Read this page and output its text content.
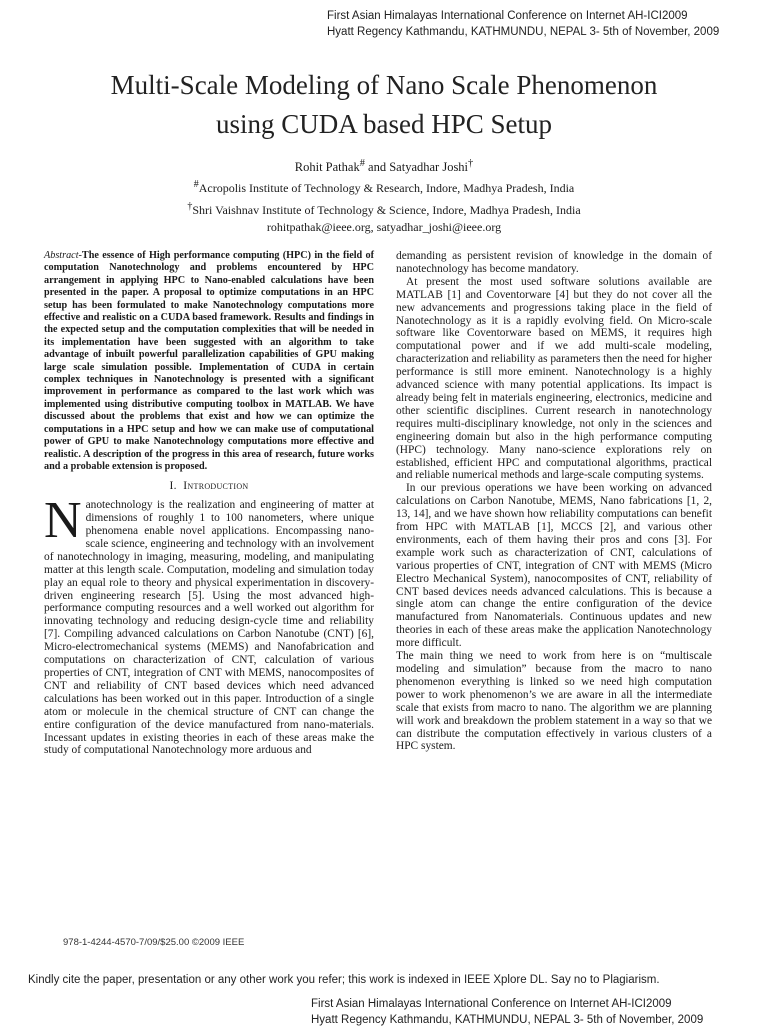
First Asian Himalayas International Conference on Internet AH-ICI2009
Hyatt Regency Kathmandu, KATHMUNDU, NEPAL 3- 5th of November, 2009
Multi-Scale Modeling of Nano Scale Phenomenon
using CUDA based HPC Setup
Rohit Pathak# and Satyadhar Joshi†
#Acropolis Institute of Technology & Research, Indore, Madhya Pradesh, India
†Shri Vaishnav Institute of Technology & Science, Indore, Madhya Pradesh, India
rohitpathak@ieee.org, satyadhar_joshi@ieee.org

Abstract-The essence of High performance computing (HPC) in the field of computation Nanotechnology and problems encountered by HPC arrangement in applying HPC to Nano-enabled calculations have been presented in the paper. A proposal to optimize computations in an HPC setup has been formulated to make Nanotechnology computations more effective and realistic on a CUDA based framework. Results and findings in the expected setup and the computation complexities that will be needed in its implementation have been suggested with an algorithm to take advantage of inbuilt powerful parallelization capabilities of GPU making large scale simulation possible. Implementation of CUDA in certain complex techniques in Nanotechnology is presented with a significant improvement in performance as compared to the last work which was implemented using distributive computing toolbox in MATLAB. We have discussed about the problems that exist and how we can optimize the computations in a HPC setup and how we can make use of computational power of GPU to make Nanotechnology computations more effective and realistic. A description of the progress in this area of research, future works and a probable extension is proposed.

I. Introduction

Nanotechnology is the realization and engineering of matter at dimensions of roughly 1 to 100 nanometers, where unique phenomena enable novel applications. Encompassing nano-scale science, engineering and technology with an involvement of nanotechnology in imaging, measuring, modeling, and manipulating matter at this length scale. Computation, modeling and simulation today play an equal role to theory and physical experimentation in discovery-driven engineering research [5]. Using the most advanced high-performance computing resources and a well worked out algorithm for innovating technology and reducing design-cycle time and reliability [7]. Compiling advanced calculations on Carbon Nanotube (CNT) [6], Micro-electromechanical systems (MEMS) and Nanofabrication and computations on characterization of CNT, calculation of various properties of CNT, integration of CNT with MEMS, nanocomposites of CNT and reliability of CNT based devices which need advanced calculations has been worked out in this paper. Introduction of a single atom or molecule in the chemical structure of CNT can change the entire configuration of the device manufactured from nano-materials. Incessant updates in existing theories in each of these areas make the study of computational Nanotechnology more arduous and

demanding as persistent revision of knowledge in the domain of nanotechnology has become mandatory.

At present the most used software solutions available are MATLAB [1] and Coventorware [4] but they do not cover all the new advancements and progressions taking place in the field of Nanotechnology as it is a rapidly evolving field. On Micro-scale software like Coventorware based on MEMS, it requires high computational power and if we add multi-scale modeling, characterization and reliability as parameters then the need for higher performance is still more eminent. Nanotechnology is a highly advanced science with many potential applications. Its impact is already being felt in materials engineering, electronics, medicine and other scientific disciplines. Current research in nanotechnology requires multi-disciplinary knowledge, not only in the sciences and engineering domain but also in the high performance computing (HPC) technology. Many nano-science explorations rely on established, efficient HPC and computational algorithms, practical and reliable numerical methods and large-scale computing systems.

In our previous operations we have been working on advanced calculations on Carbon Nanotube, MEMS, Nano fabrications [1, 2, 13, 14], and we have shown how reliability computations can benefit from HPC with MATLAB [1], MCCS [2], and various other environments, each of them having their pros and cons [3]. For example work such as characterization of CNT, calculations of various properties of CNT, integration of CNT with MEMS (Micro Electro Mechanical System), nanocomposites of CNT, reliability of CNT based devices needs advanced calculations. This is because a single atom can change the entire configuration of the device manufactured from Nanomaterials. Continuous updates and new theories in each of these areas make the application Nanotechnology more difficult.

The main thing we need to work from here is on “multiscale modeling and simulation” because from the macro to nano phenomenon everything is linked so we need high computation power to work phenomenon’s we are aware in all the intermediate scale that exists from macro to nano. The algorithm we are planning will work and breakdown the problem statement in a way so that we can distribute the computation effectively in various clusters of a HPC system.

978-1-4244-4570-7/09/$25.00 ©2009 IEEE
Kindly cite the paper, presentation or any other work you refer; this work is indexed in IEEE Xplore DL. Say no to Plagiarism.
First Asian Himalayas International Conference on Internet AH-ICI2009
Hyatt Regency Kathmandu, KATHMUNDU, NEPAL 3- 5th of November, 2009
